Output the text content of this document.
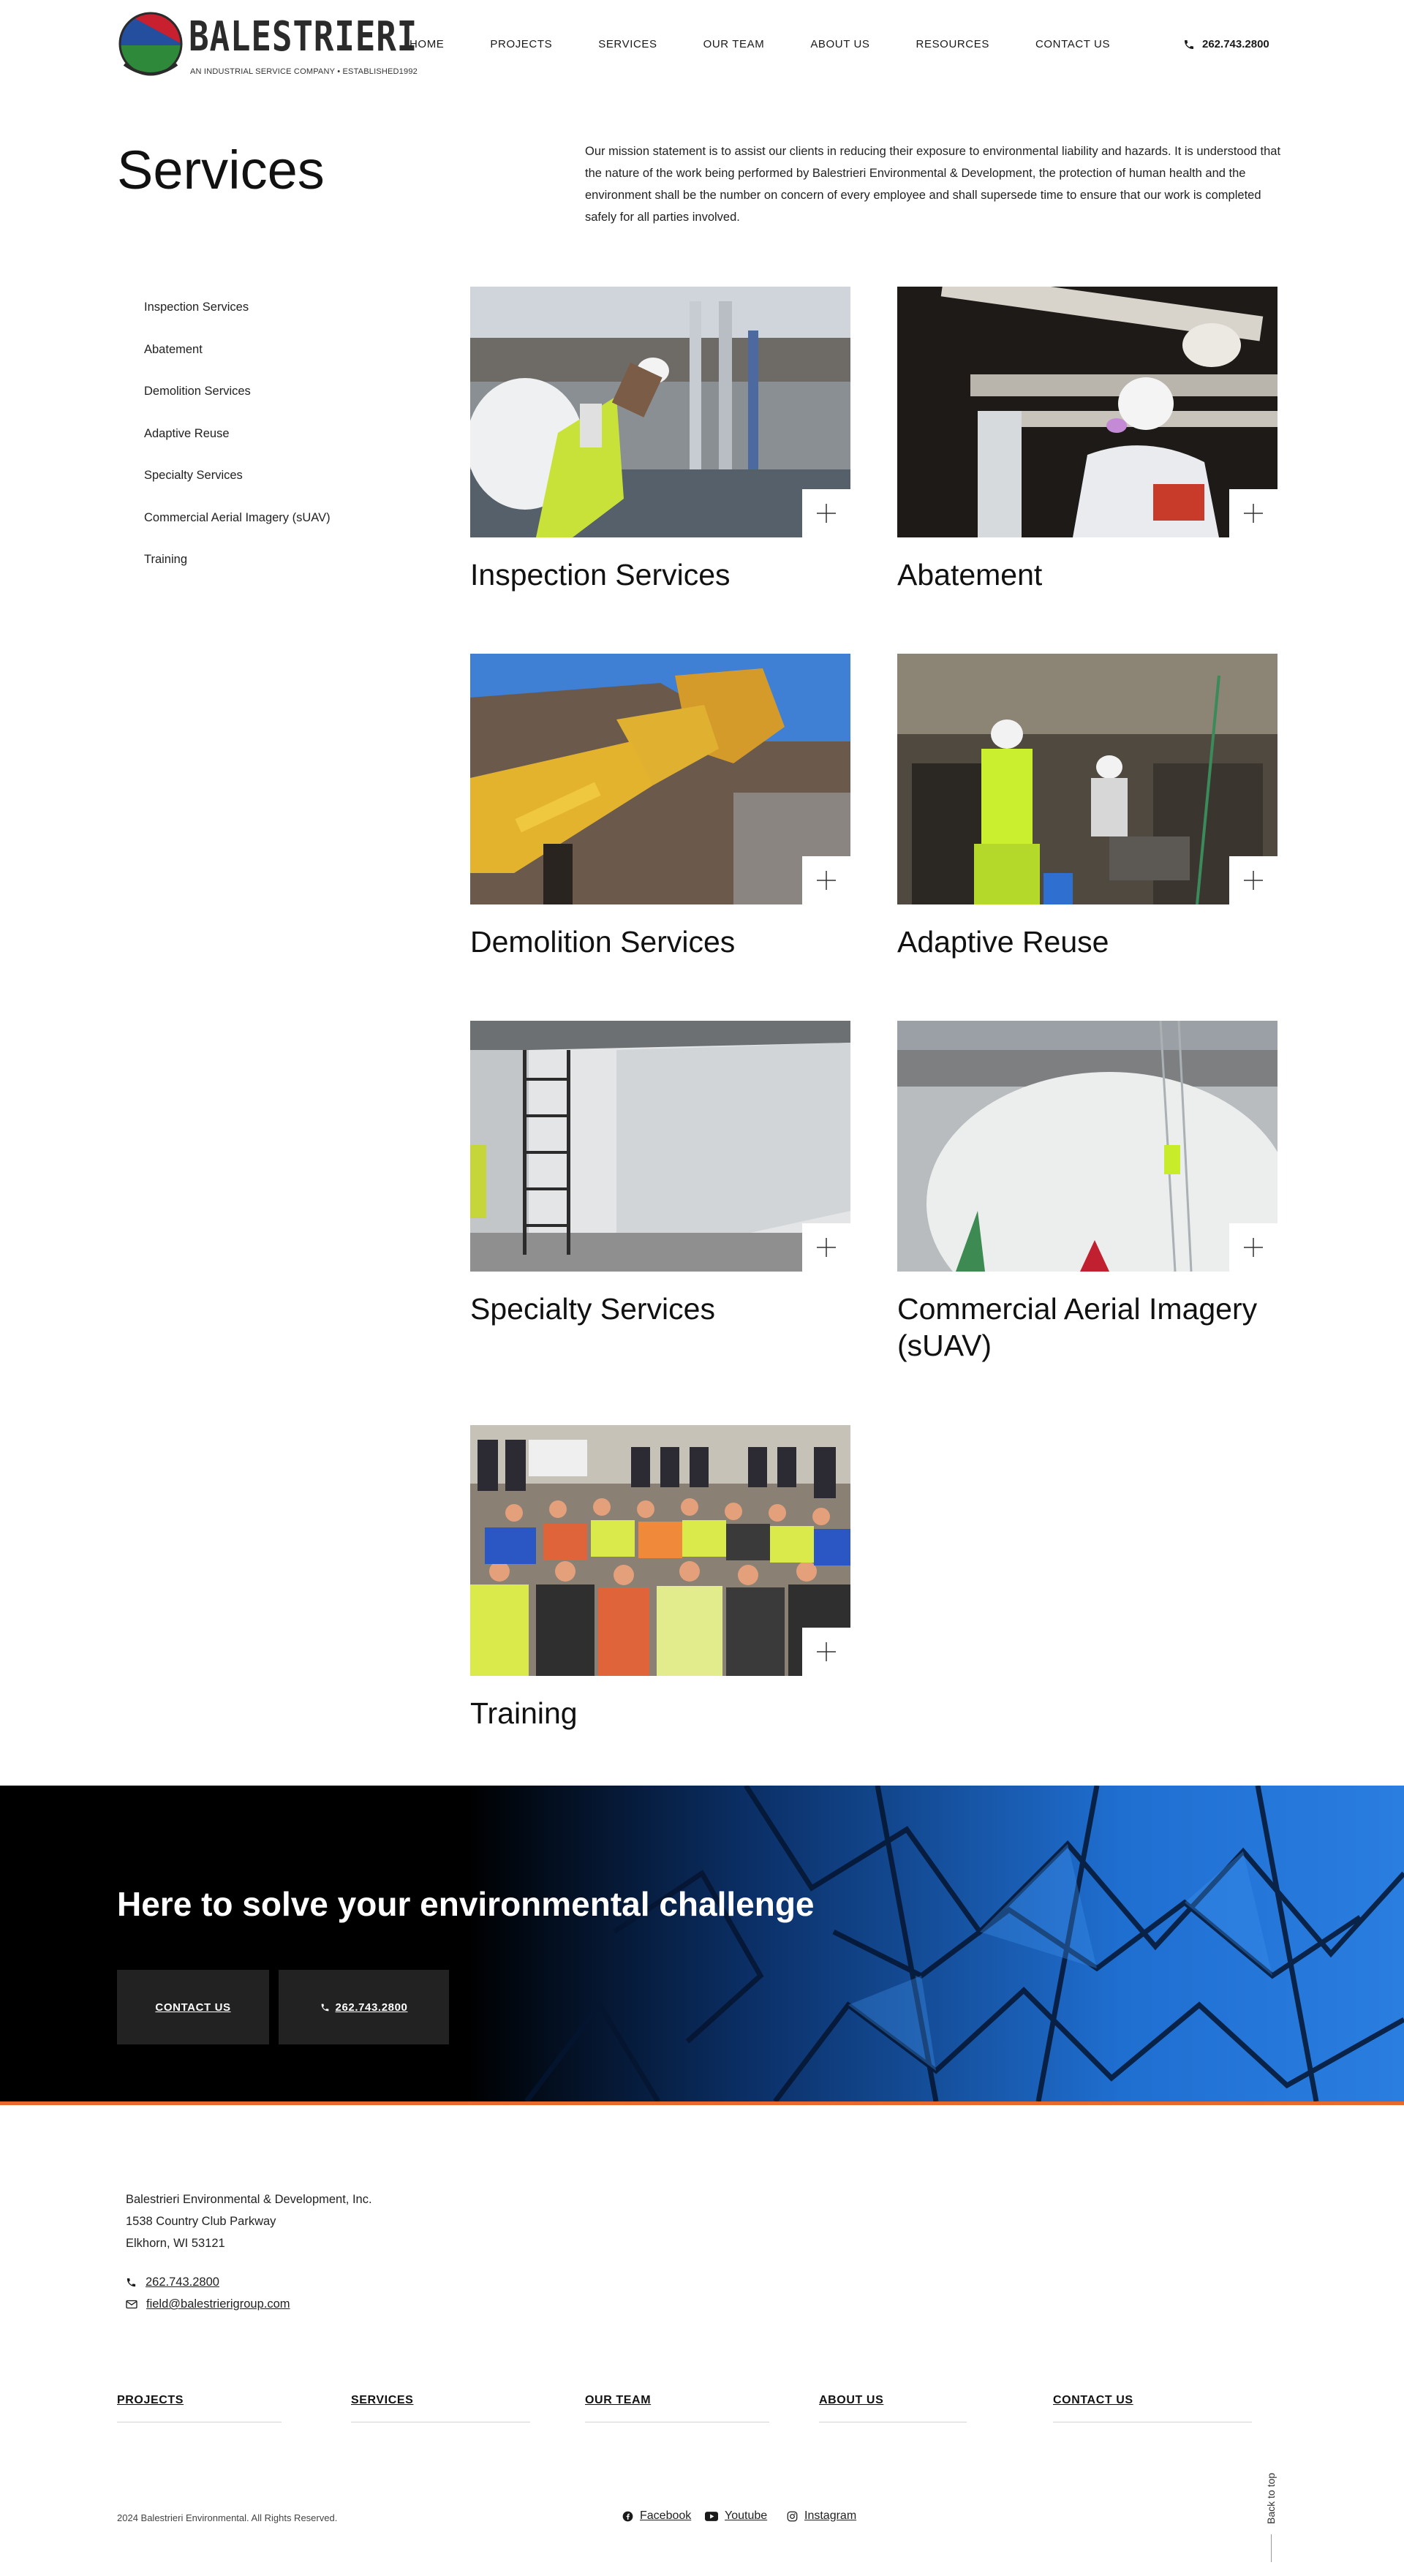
BALESTRIERI
AN INDUSTRIAL SERVICE COMPANY • ESTABLISHED1992
HOME	PROJECTS	SERVICES	OUR TEAM	ABOUT US	RESOURCES	CONTACT US	262.743.2800
Services	Our mission statement is to assist our clients in reducing their exposure to environmental liability and hazards. It is understood that the nature of the work being performed by Balestrieri Environmental & Development, the protection of human health and the environment shall be the number on concern of every employee and shall supersede time to ensure that our work is completed safely for all parties involved.

Inspection Services
Abatement
Demolition Services
Adaptive Reuse
Specialty Services
Commercial Aerial Imagery (sUAV)
Training	Inspection Services	Abatement
Demolition Services	Adaptive Reuse
Specialty Services	Commercial Aerial Imagery (sUAV)
Training
Here to solve your environmental challenge
CONTACT US	262.743.2800
Balestrieri Environmental & Development, Inc.
1538 Country Club Parkway
Elkhorn, WI 53121
262.743.2800
field@balestrierigroup.com
PROJECTS	SERVICES	OUR TEAM	ABOUT US	CONTACT US
2024 Balestrieri Environmental. All Rights Reserved.	Facebook	Youtube	Instagram	Back to top
